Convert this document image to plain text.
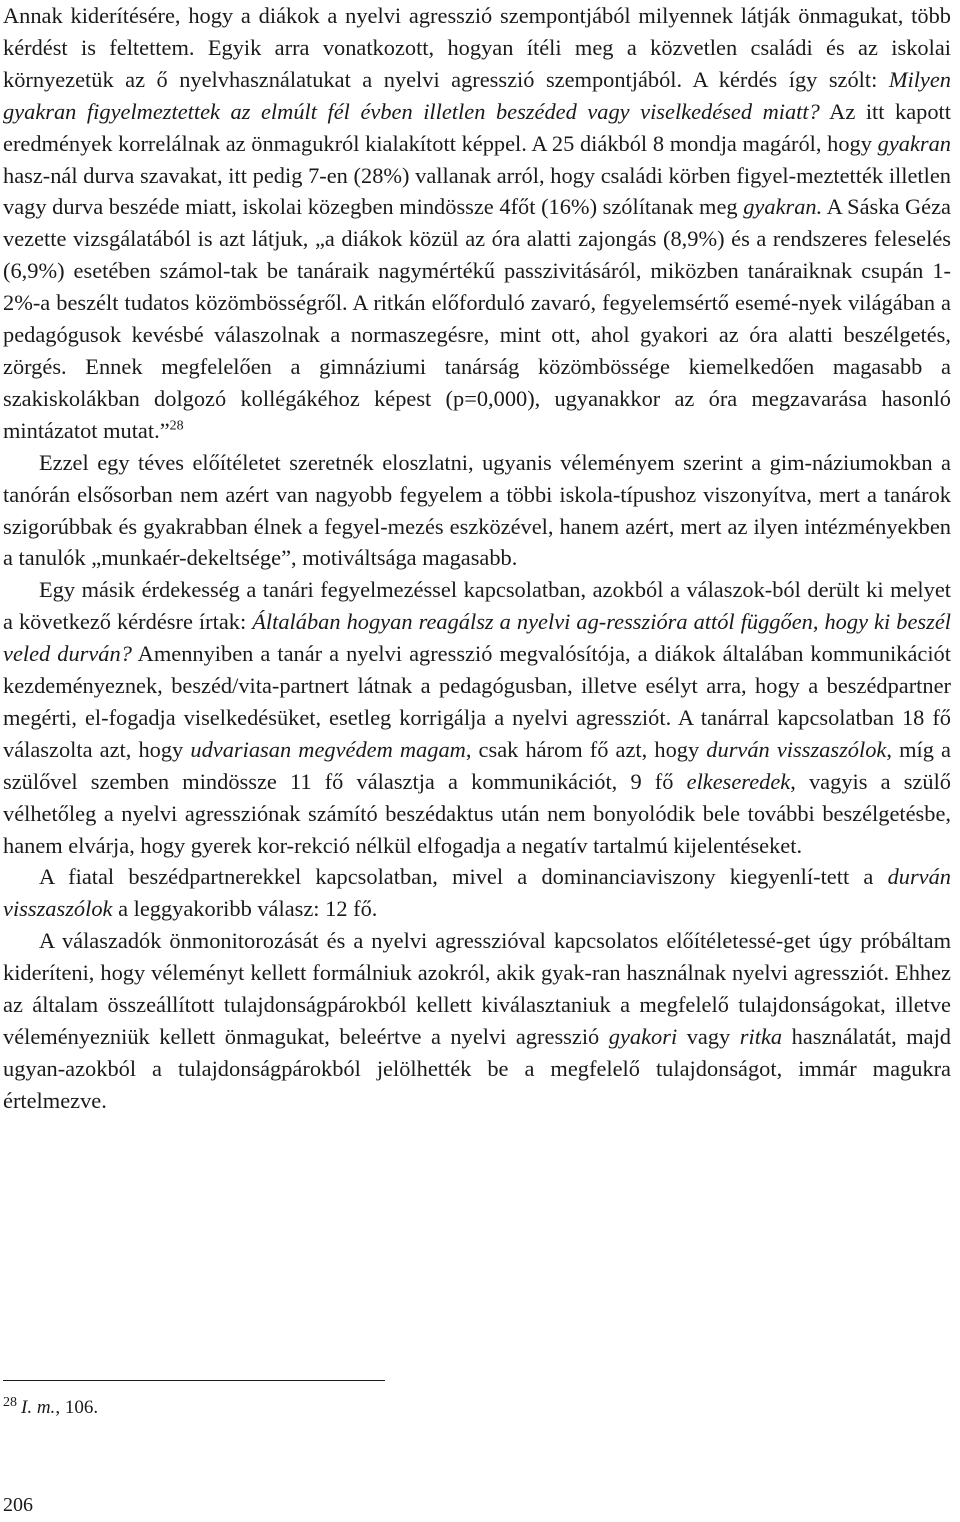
Annak kiderítésére, hogy a diákok a nyelvi agresszió szempontjából milyennek látják önmagukat, több kérdést is feltettem. Egyik arra vonatkozott, hogyan ítéli meg a közvetlen családi és az iskolai környezetük az ő nyelvhasználatukat a nyelvi agresszió szempontjából. A kérdés így szólt: Milyen gyakran figyelmeztettek az elmúlt fél évben illetlen beszéded vagy viselkedésed miatt? Az itt kapott eredmények korrelálnak az önmagukról kialakított képpel. A 25 diákból 8 mondja magáról, hogy gyakran hasz-nál durva szavakat, itt pedig 7-en (28%) vallanak arról, hogy családi körben figyel-meztették illetlen vagy durva beszéde miatt, iskolai közegben mindössze 4főt (16%) szólítanak meg gyakran. A Sáska Géza vezette vizsgálatából is azt látjuk, „a diákok közül az óra alatti zajongás (8,9%) és a rendszeres feleselés (6,9%) esetében számol-tak be tanáraik nagymértékű passzivitásáról, miközben tanáraiknak csupán 1-2%-a beszélt tudatos közömbösségről. A ritkán előforduló zavaró, fegyelemsértő esemé-nyek világában a pedagógusok kevésbé válaszolnak a normaszegésre, mint ott, ahol gyakori az óra alatti beszélgetés, zörgés. Ennek megfelelően a gimnáziumi tanárság közömbössége kiemelkedően magasabb a szakiskolákban dolgozó kollégákéhoz képest (p=0,000), ugyanakkor az óra megzavarása hasonló mintázatot mutat.”$^{28}$

Ezzel egy téves előítéletet szeretnék eloszlatni, ugyanis véleményem szerint a gim-náziumokban a tanórán elsősorban nem azért van nagyobb fegyelem a többi iskola-típushoz viszonyítva, mert a tanárok szigorúbbak és gyakrabban élnek a fegyel-mezés eszközével, hanem azért, mert az ilyen intézményekben a tanulók „munkaér-dekeltsége”, motiváltsága magasabb.

Egy másik érdekesség a tanári fegyelmezéssel kapcsolatban, azokból a válaszok-ból derült ki melyet a következő kérdésre írtak: Általában hogyan reagálsz a nyelvi ag-resszióra attól függően, hogy ki beszél veled durván? Amennyiben a tanár a nyelvi agresszió megvalósítója, a diákok általában kommunikációt kezdeményeznek, beszéd/vita-partnert látnak a pedagógusban, illetve esélyt arra, hogy a beszédpartner megérti, el-fogadja viselkedésüket, esetleg korrigálja a nyelvi agressziót. A tanárral kapcsolatban 18 fő válaszolta azt, hogy udvariasan megvédem magam, csak három fő azt, hogy durván visszaszólok, míg a szülővel szemben mindössze 11 fő választja a kommunikációt, 9 fő elkeseredek, vagyis a szülő vélhetőleg a nyelvi agressziónak számító beszédaktus után nem bonyolódik bele további beszélgetésbe, hanem elvárja, hogy gyerek kor-rekció nélkül elfogadja a negatív tartalmú kijelentéseket.

A fiatal beszédpartnerekkel kapcsolatban, mivel a dominanciaviszony kiegyenlí-tett a durván visszaszólok a leggyakoribb válasz: 12 fő.

A válaszadók önmonitorozását és a nyelvi agresszióval kapcsolatos előítéletessé-get úgy próbáltam kideríteni, hogy véleményt kellett formálniuk azokról, akik gyak-ran használnak nyelvi agressziót. Ehhez az általam összeállított tulajdonságpárokból kellett kiválasztaniuk a megfelelő tulajdonságokat, illetve véleményezniük kellett önmagukat, beleértve a nyelvi agresszió gyakori vagy ritka használatát, majd ugyan-azokból a tulajdonságpárokból jelölhették be a megfelelő tulajdonságot, immár magukra értelmezve.

$^{28}$ I. m., 106.
206
